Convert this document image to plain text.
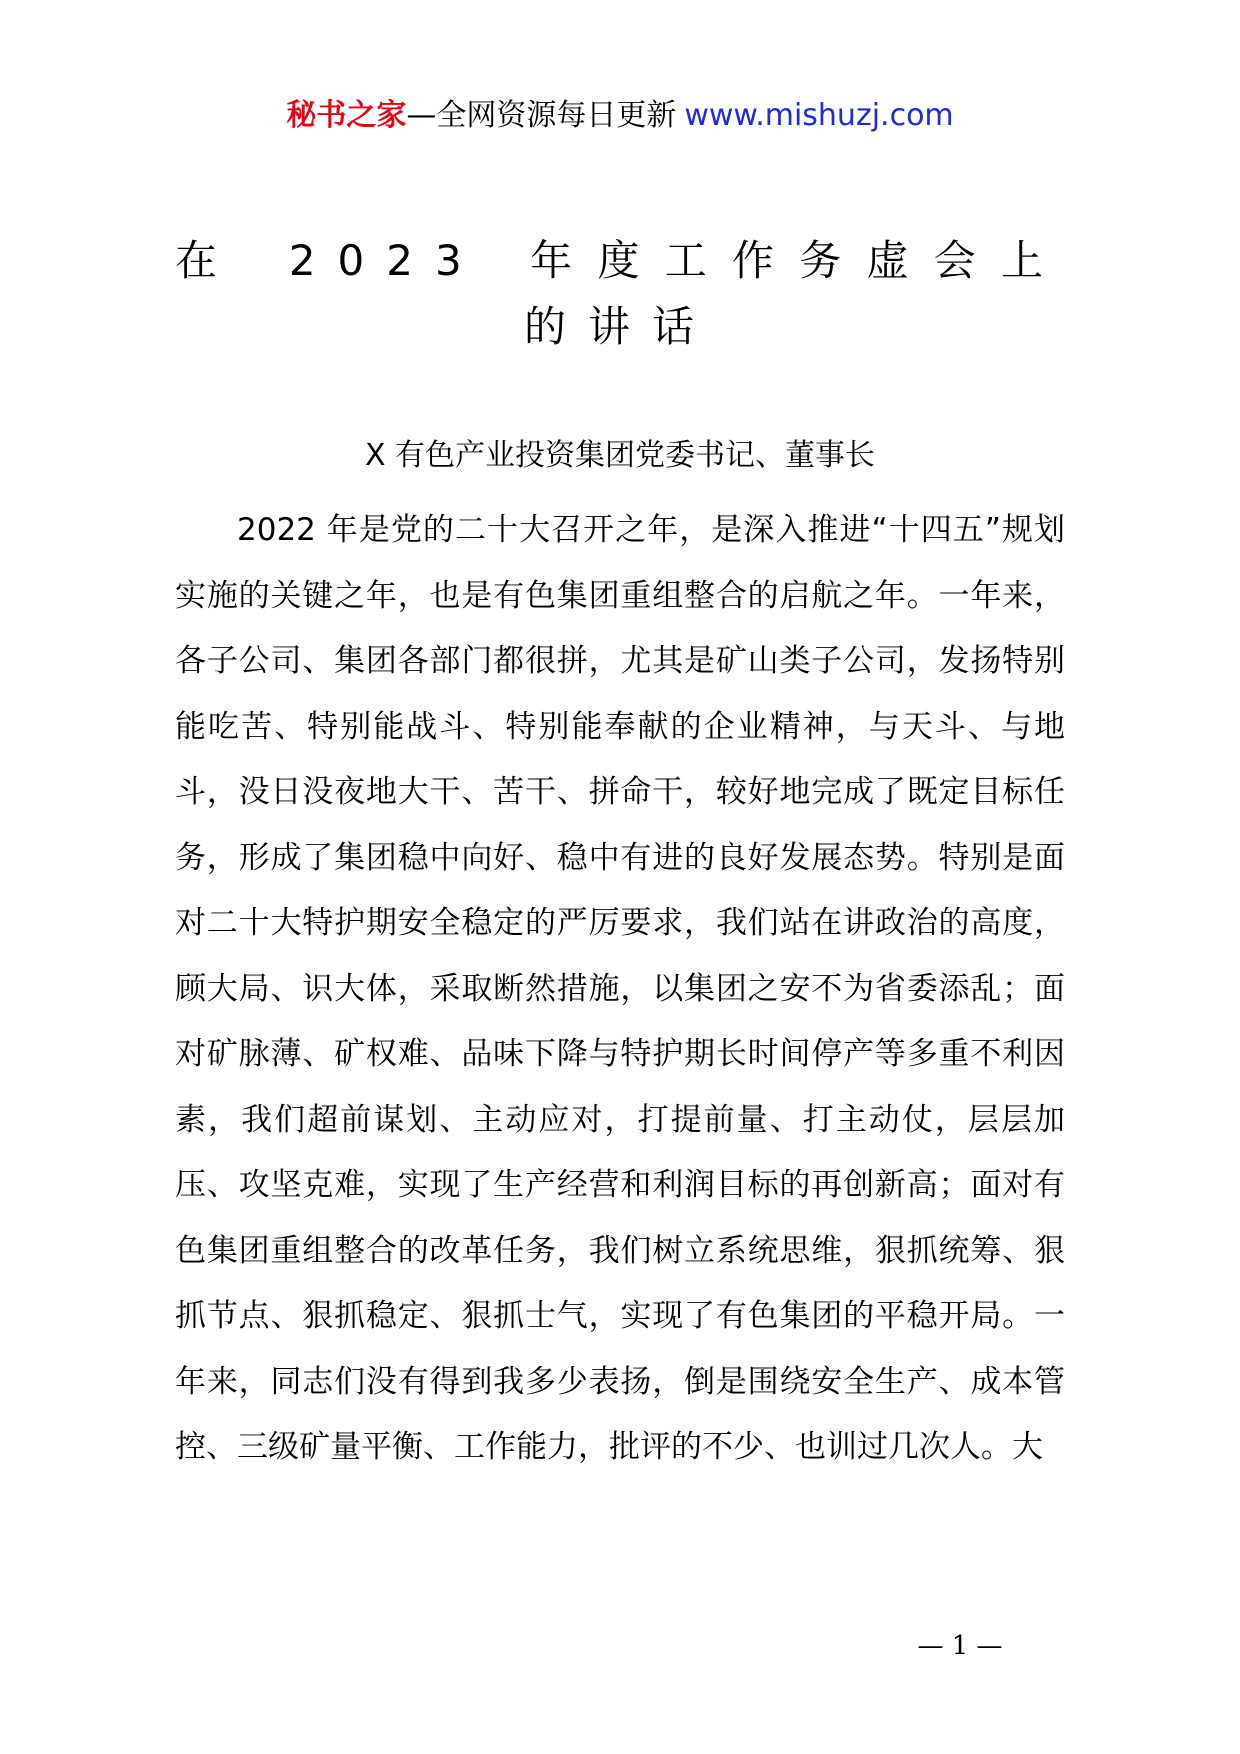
秘书之家—全网资源每日更新 www.mishuzj.com
在 2023 年度工作务虚会上的讲话
X 有色产业投资集团党委书记、董事长

2022 年是党的二十大召开之年，是深入推进“十四五”规划实施的关键之年，也是有色集团重组整合的启航之年。一年来，各子公司、集团各部门都很拼，尤其是矿山类子公司，发扬特别能吃苦、特别能战斗、特别能奉献的企业精神，与天斗、与地斗，没日没夜地大干、苦干、拼命干，较好地完成了既定目标任务，形成了集团稳中向好、稳中有进的良好发展态势。特别是面对二十大特护期安全稳定的严厉要求，我们站在讲政治的高度，顾大局、识大体，采取断然措施，以集团之安不为省委添乱；面对矿脉薄、矿权难、品味下降与特护期长时间停产等多重不利因素，我们超前谋划、主动应对，打提前量、打主动仗，层层加压、攻坚克难，实现了生产经营和利润目标的再创新高；面对有色集团重组整合的改革任务，我们树立系统思维，狠抓统筹、狠抓节点、狠抓稳定、狠抓士气，实现了有色集团的平稳开局。一年来，同志们没有得到我多少表扬，倒是围绕安全生产、成本管控、三级矿量平衡、工作能力，批评的不少、也训过几次人。大

— 1 —
